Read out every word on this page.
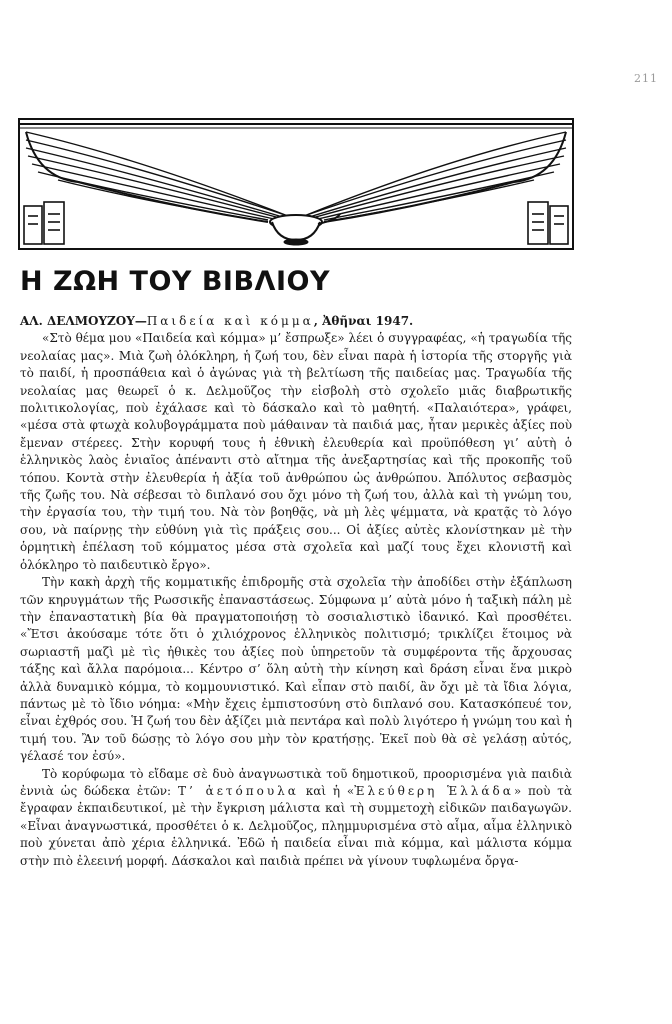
211
Η ΖΩΗ ΤΟΥ ΒΙΒΛΙΟΥ

ΑΛ. ΔΕΛΜΟΥΖΟΥ—Παιδεία καὶ κόμμα, Ἀθῆναι 1947.

«Στὸ θέμα μου «Παιδεία καὶ κόμμα» μ’ ἔσπρωξε» λέει ὁ συγγραφέας, «ἡ τραγωδία τῆς νεολαίας μας». Μιὰ ζωὴ ὁλόκληρη, ἡ ζωή του, δὲν εἶναι παρὰ ἡ ἱστορία τῆς στοργῆς γιὰ τὸ παιδί, ἡ προσπάθεια καὶ ὁ ἀγώνας γιὰ τὴ βελτίωση τῆς παιδείας μας. Τραγωδία τῆς νεολαίας μας θεωρεῖ ὁ κ. Δελμοῦζος τὴν εἰσβολὴ στὸ σχολεῖο μιᾶς διαβρωτικῆς πολιτικολογίας, ποὺ ἐχάλασε καὶ τὸ δάσκαλο καὶ τὸ μαθητή. «Παλαιότερα», γράφει, «μέσα στὰ φτωχὰ κολυβογράμματα ποὺ μάθαιναν τὰ παιδιά μας, ἦταν μερικὲς ἀξίες ποὺ ἔμεναν στέρεες. Στὴν κορυφή τους ἡ ἐθνικὴ ἐλευθερία καὶ προϋπόθεση γι’ αὐτὴ ὁ ἑλληνικὸς λαὸς ἑνιαῖος ἀπέναντι στὸ αἴτημα τῆς ἀνεξαρτησίας καὶ τῆς προκοπῆς τοῦ τόπου. Κοντὰ στὴν ἐλευθερία ἡ ἀξία τοῦ ἀνθρώπου ὡς ἀνθρώπου. Ἀπόλυτος σεβασμὸς τῆς ζωῆς του. Νὰ σέβεσαι τὸ διπλανό σου ὄχι μόνο τὴ ζωή του, ἀλλὰ καὶ τὴ γνώμη του, τὴν ἐργασία του, τὴν τιμή του. Νὰ τὸν βοηθᾷς, νὰ μὴ λὲς ψέμματα, νὰ κρατᾷς τὸ λόγο σου, νὰ παίρνῃς τὴν εὐθύνη γιὰ τὶς πράξεις σου... Οἱ ἀξίες αὐτὲς κλονίστηκαν μὲ τὴν ὁρμητικὴ ἐπέλαση τοῦ κόμματος μέσα στὰ σχολεῖα καὶ μαζί τους ἔχει κλονιστῆ καὶ ὁλόκληρο τὸ παιδευτικὸ ἔργο».

Τὴν κακὴ ἀρχὴ τῆς κομματικῆς ἐπιδρομῆς στὰ σχολεῖα τὴν ἀποδίδει στὴν ἐξάπλωση τῶν κηρυγμάτων τῆς Ρωσσικῆς ἐπαναστάσεως. Σύμφωνα μ’ αὐτὰ μόνο ἡ ταξικὴ πάλη μὲ τὴν ἐπαναστατικὴ βία θὰ πραγματοποιήσῃ τὸ σοσιαλιστικὸ ἰδανικό. Καὶ προσθέτει. «Ἔτσι ἀκούσαμε τότε ὅτι ὁ χιλιόχρονος ἑλληνικὸς πολιτισμό; τρικλίζει ἕτοιμος νὰ σωριαστῆ μαζὶ μὲ τὶς ἠθικὲς του ἀξίες ποὺ ὑπηρετοῦν τὰ συμφέροντα τῆς ἄρχουσας τάξης καὶ ἄλλα παρόμοια... Κέντρο σ’ ὅλη αὐτὴ τὴν κίνηση καὶ δράση εἶναι ἕνα μικρὸ ἀλλὰ δυναμικὸ κόμμα, τὸ κομμουνιστικό. Καὶ εἶπαν στὸ παιδί, ἂν ὄχι μὲ τὰ ἴδια λόγια, πάντως μὲ τὸ ἴδιο νόημα: «Μὴν ἔχεις ἐμπιστοσύνη στὸ διπλανό σου. Κατασκόπευέ τον, εἶναι ἐχθρός σου. Ἡ ζωή του δὲν ἀξίζει μιὰ πεντάρα καὶ πολὺ λιγότερο ἡ γνώμη του καὶ ἡ τιμή του. Ἂν τοῦ δώσῃς τὸ λόγο σου μὴν τὸν κρατήσῃς. Ἐκεῖ ποὺ θὰ σὲ γελάσῃ αὐτός, γέλασέ τον ἐσύ».

Τὸ κορύφωμα τὸ εἴδαμε σὲ δυὸ ἀναγνωστικὰ τοῦ δημοτικοῦ, προορισμένα γιὰ παιδιὰ ἐννιὰ ὡς δώδεκα ἐτῶν: Τ’ ἀετόπουλα καὶ ἡ «Ἐλεύθερη Ἑλλάδα» ποὺ τὰ ἔγραφαν ἐκπαιδευτικοί, μὲ τὴν ἔγκριση μάλιστα καὶ τὴ συμμετοχὴ εἰδικῶν παιδαγωγῶν. «Εἶναι ἀναγνωστικά, προσθέτει ὁ κ. Δελμοῦζος, πλημμυρισμένα στὸ αἷμα, αἷμα ἑλληνικὸ ποὺ χύνεται ἀπὸ χέρια ἑλληνικά. Ἐδῶ ἡ παιδεία εἶναι πιὰ κόμμα, καὶ μάλιστα κόμμα στὴν πιὸ ἐλεεινή μορφή. Δάσκαλοι καὶ παιδιὰ πρέπει νὰ γίνουν τυφλωμένα ὄργα-
